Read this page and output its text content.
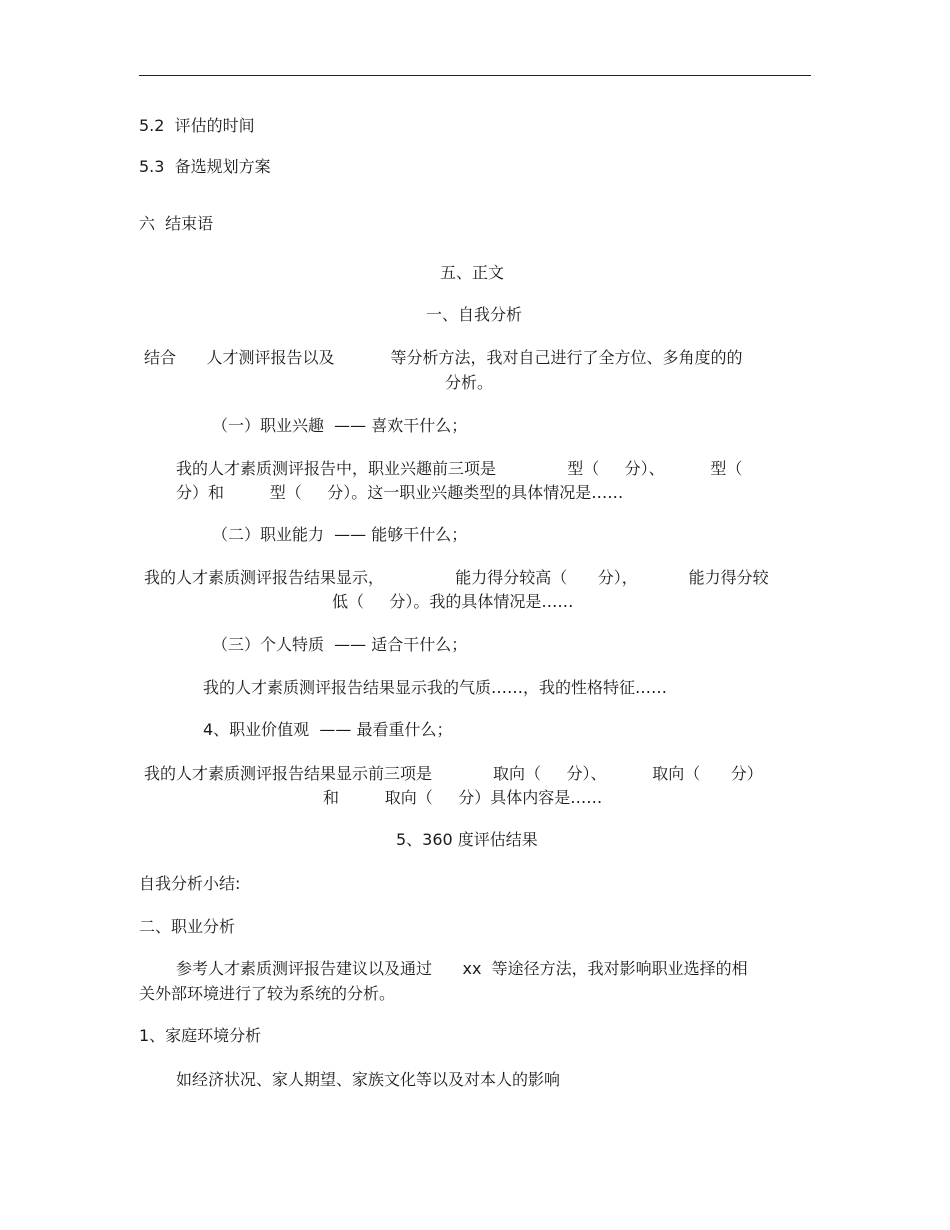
5.2  评估的时间
5.3  备选规划方案
六  结束语
五、正文
一、自我分析
结合      人才测评报告以及           等分析方法，我对自己进行了全方位、多角度的的
分析。
（一）职业兴趣  —— 喜欢干什么；
我的人才素质测评报告中，职业兴趣前三项是              型（     分）、         型（
分）和         型（     分）。这一职业兴趣类型的具体情况是……
（二）职业能力  —— 能够干什么；
我的人才素质测评报告结果显示，              能力得分较高（      分），          能力得分较
低（     分）。我的具体情况是……
（三）个人特质  —— 适合干什么；
我的人才素质测评报告结果显示我的气质……，我的性格特征……
4、职业价值观  —— 最看重什么；
我的人才素质测评报告结果显示前三项是            取向（     分）、         取向（      分）
和         取向（     分）具体内容是……
5、360 度评估结果
自我分析小结:
二、职业分析
参考人才素质测评报告建议以及通过      xx  等途径方法，我对影响职业选择的相
关外部环境进行了较为系统的分析。
1、家庭环境分析
如经济状况、家人期望、家族文化等以及对本人的影响
